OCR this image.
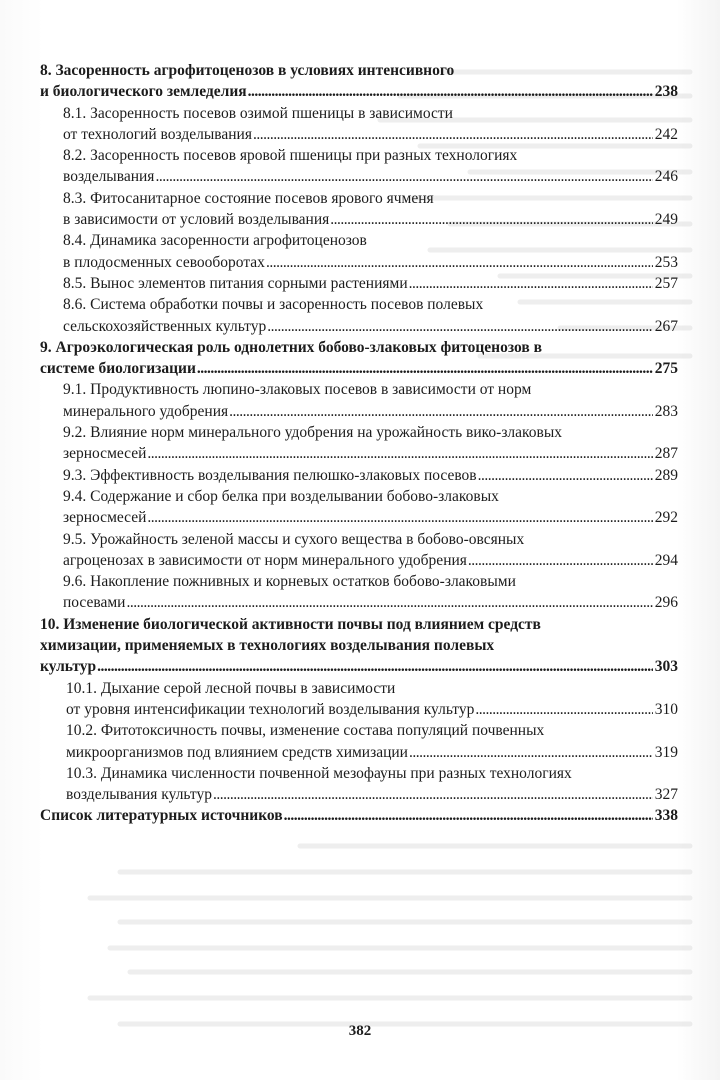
8. Засоренность агрофитоценозов в условиях интенсивного
и биологического земледелия .....	238
8.1. Засоренность посевов озимой пшеницы в зависимости
от технологий возделывания .....	242
8.2. Засоренность посевов яровой пшеницы при разных технологиях
возделывания .....	246
8.3. Фитосанитарное состояние посевов ярового ячменя
в зависимости от условий возделывания .....	249
8.4. Динамика засоренности агрофитоценозов
в плодосменных севооборотах .....	253
8.5. Вынос элементов питания сорными растениями .....	257
8.6. Система обработки почвы и засоренность посевов полевых
сельскохозяйственных культур .....	267
9. Агроэкологическая роль однолетних бобово-злаковых фитоценозов в
системе биологизации .....	275
9.1. Продуктивность люпино-злаковых посевов в зависимости от норм
минерального удобрения .....	283
9.2. Влияние норм минерального удобрения на урожайность вико-злаковых
зерносмесей .....	287
9.3. Эффективность возделывания пелюшко-злаковых посевов .....	289
9.4. Содержание и сбор белка при возделывании бобово-злаковых
зерносмесей .....	292
9.5. Урожайность зеленой массы и сухого вещества в бобово-овсяных
агроценозах в зависимости от норм минерального удобрения .....	294
9.6. Накопление пожнивных и корневых остатков бобово-злаковыми
посевами .....	296
10. Изменение биологической активности почвы под влиянием средств
химизации, применяемых в технологиях возделывания полевых
культур .....	303
10.1. Дыхание серой лесной почвы в зависимости
от уровня интенсификации технологий возделывания культур .....	310
10.2. Фитотоксичность почвы, изменение состава популяций почвенных
микроорганизмов под влиянием средств химизации .....	319
10.3. Динамика численности почвенной мезофауны при разных технологиях
возделывания культур .....	327
Список литературных источников .....	338
382
